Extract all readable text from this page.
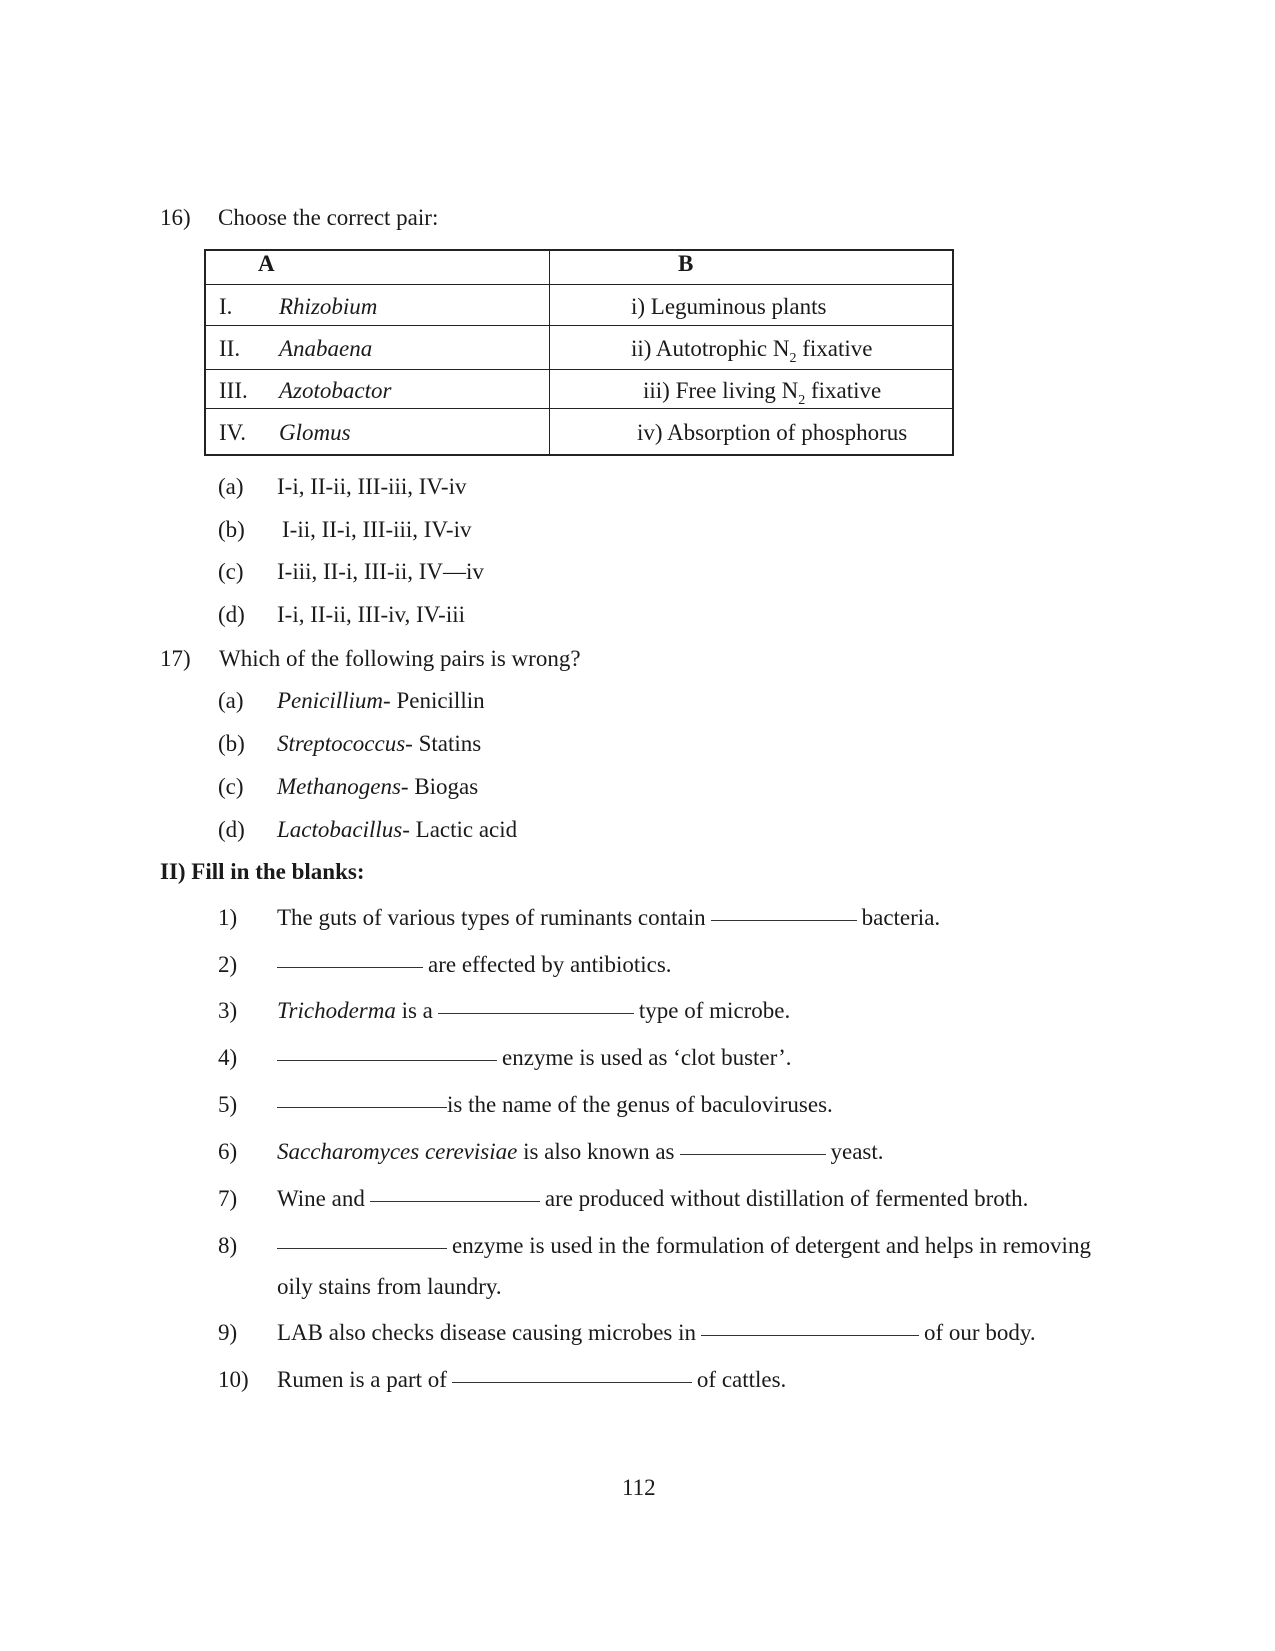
16) Choose the correct pair:
A	B
I. Rhizobium	i) Leguminous plants
II. Anabaena	ii) Autotrophic $N_2$ fixative
III. Azotobactor	iii) Free living $N_2$ fixative
IV. Glomus	iv) Absorption of phosphorus
(a) I-i, II-ii, III-iii, IV-iv
(b) I-ii, II-i, III-iii, IV-iv
(c) I-iii, II-i, III-ii, IV—iv
(d) I-i, II-ii, III-iv, IV-iii
17) Which of the following pairs is wrong?
(a) Penicillium- Penicillin
(b) Streptococcus- Statins
(c) Methanogens- Biogas
(d) Lactobacillus- Lactic acid
II) Fill in the blanks:
1) The guts of various types of ruminants contain	bacteria.
2)	are effected by antibiotics.
3) Trichoderma is a	type of microbe.
4)	enzyme is used as ‘clot buster’.
5)	is the name of the genus of baculoviruses.
6) Saccharomyces cerevisiae is also known as	yeast.
7) Wine and	are produced without distillation of fermented broth.
8)	enzyme is used in the formulation of detergent and helps in removing
oily stains from laundry.
9) LAB also checks disease causing microbes in	of our body.
10) Rumen is a part of	of cattles.
112
